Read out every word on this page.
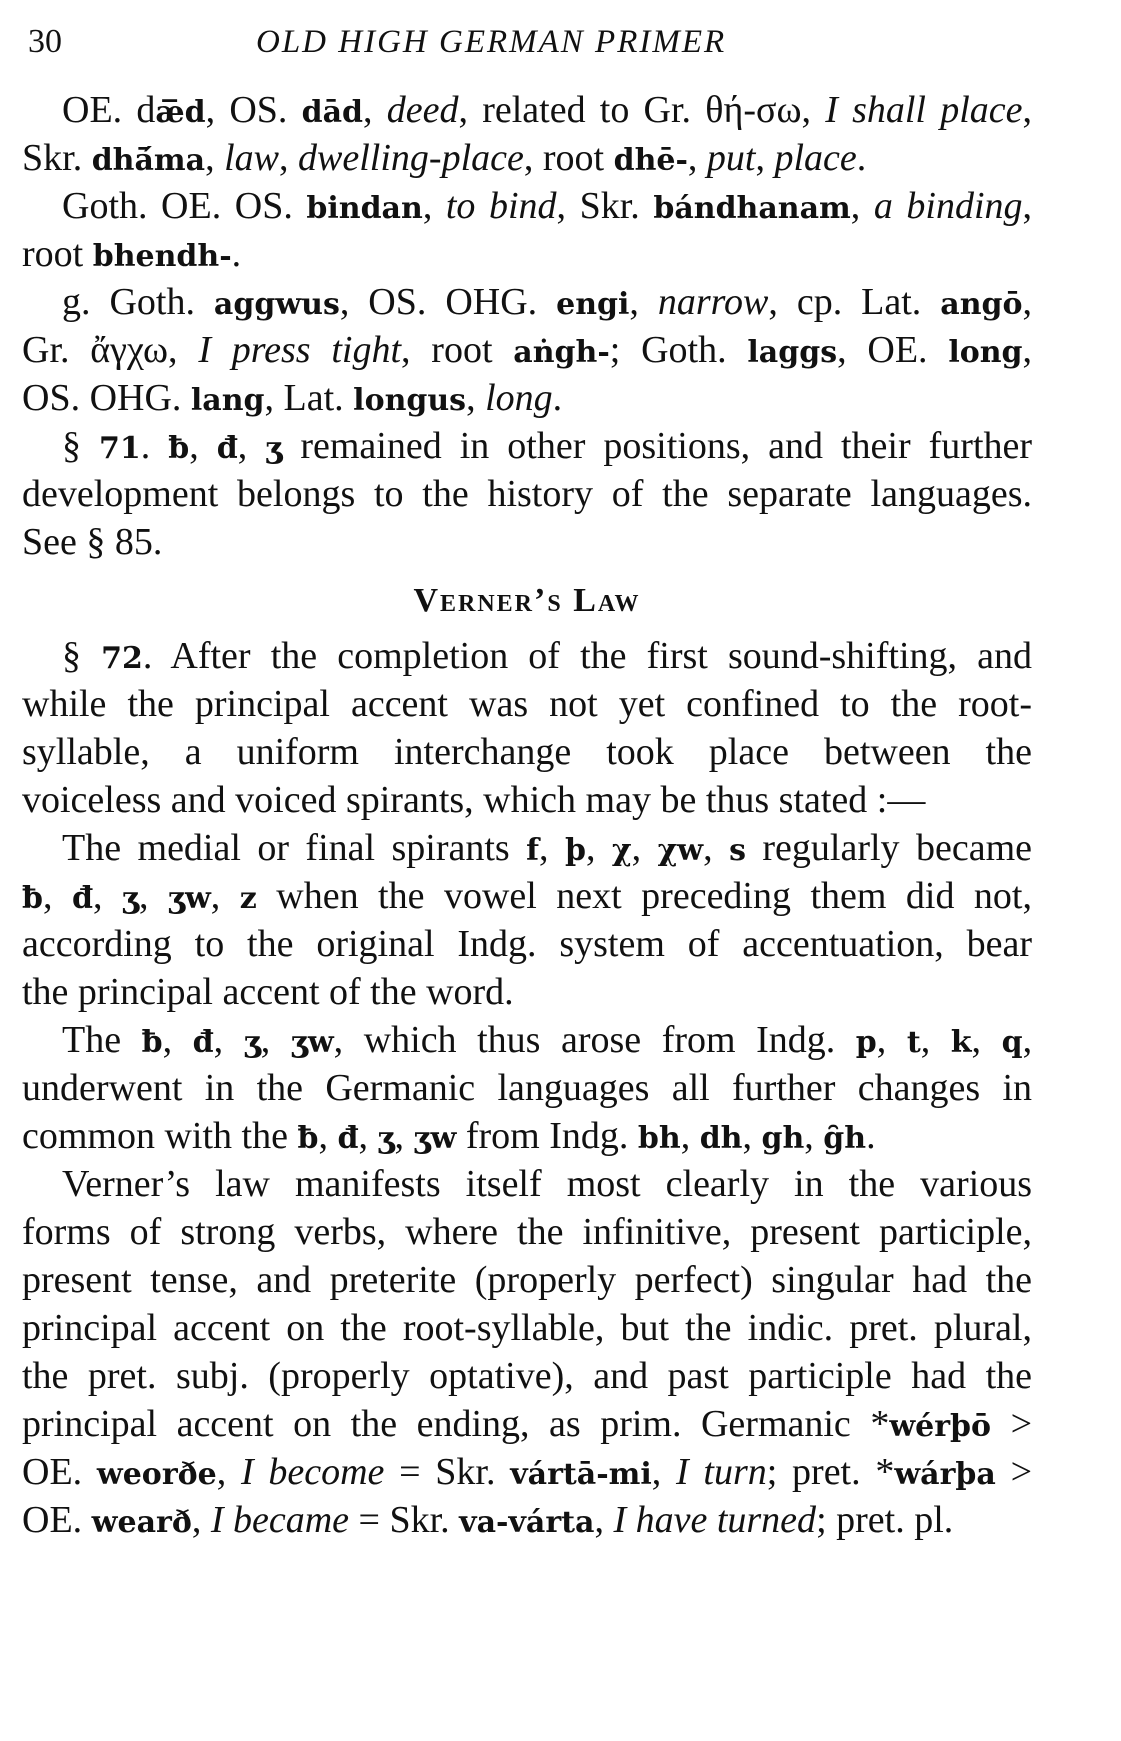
30	OLD HIGH GERMAN PRIMER
OE. dæ̅d, OS. dād, deed, related to Gr. θή-σω, I shall place,
Skr. dhā́ma, law, dwelling-place, root dhē-, put, place.
Goth. OE. OS. bindan, to bind, Skr. bándhanam, a binding,
root bhendh-.
g. Goth. aggwus, OS. OHG. engi, narrow, cp. Lat. angō,
Gr. ἄγχω, I press tight, root aṅgh-; Goth. laggs, OE. long,
OS. OHG. lang, Lat. longus, long.
§ 71. ƀ, đ, ʒ remained in other positions, and their further
development belongs to the history of the separate languages.
See § 85.
Verner’s Law
§ 72. After the completion of the first sound-shifting, and
while the principal accent was not yet confined to the root-
syllable, a uniform interchange took place between the
voiceless and voiced spirants, which may be thus stated :—
The medial or final spirants f, þ, χ, χw, s regularly became
ƀ, đ, ʒ, ʒw, z when the vowel next preceding them did not,
according to the original Indg. system of accentuation, bear
the principal accent of the word.
The ƀ, đ, ʒ, ʒw, which thus arose from Indg. p, t, k, q,
underwent in the Germanic languages all further changes in
common with the ƀ, đ, ʒ, ʒw from Indg. bh, dh, gh, g̑h.
Verner’s law manifests itself most clearly in the various
forms of strong verbs, where the infinitive, present participle,
present tense, and preterite (properly perfect) singular had the
principal accent on the root-syllable, but the indic. pret. plural,
the pret. subj. (properly optative), and past participle had the
principal accent on the ending, as prim. Germanic *wérþō >
OE. weorðe, I become = Skr. vártā-mi, I turn; pret. *wárþa >
OE. wearð, I became = Skr. va-várta, I have turned; pret. pl.
